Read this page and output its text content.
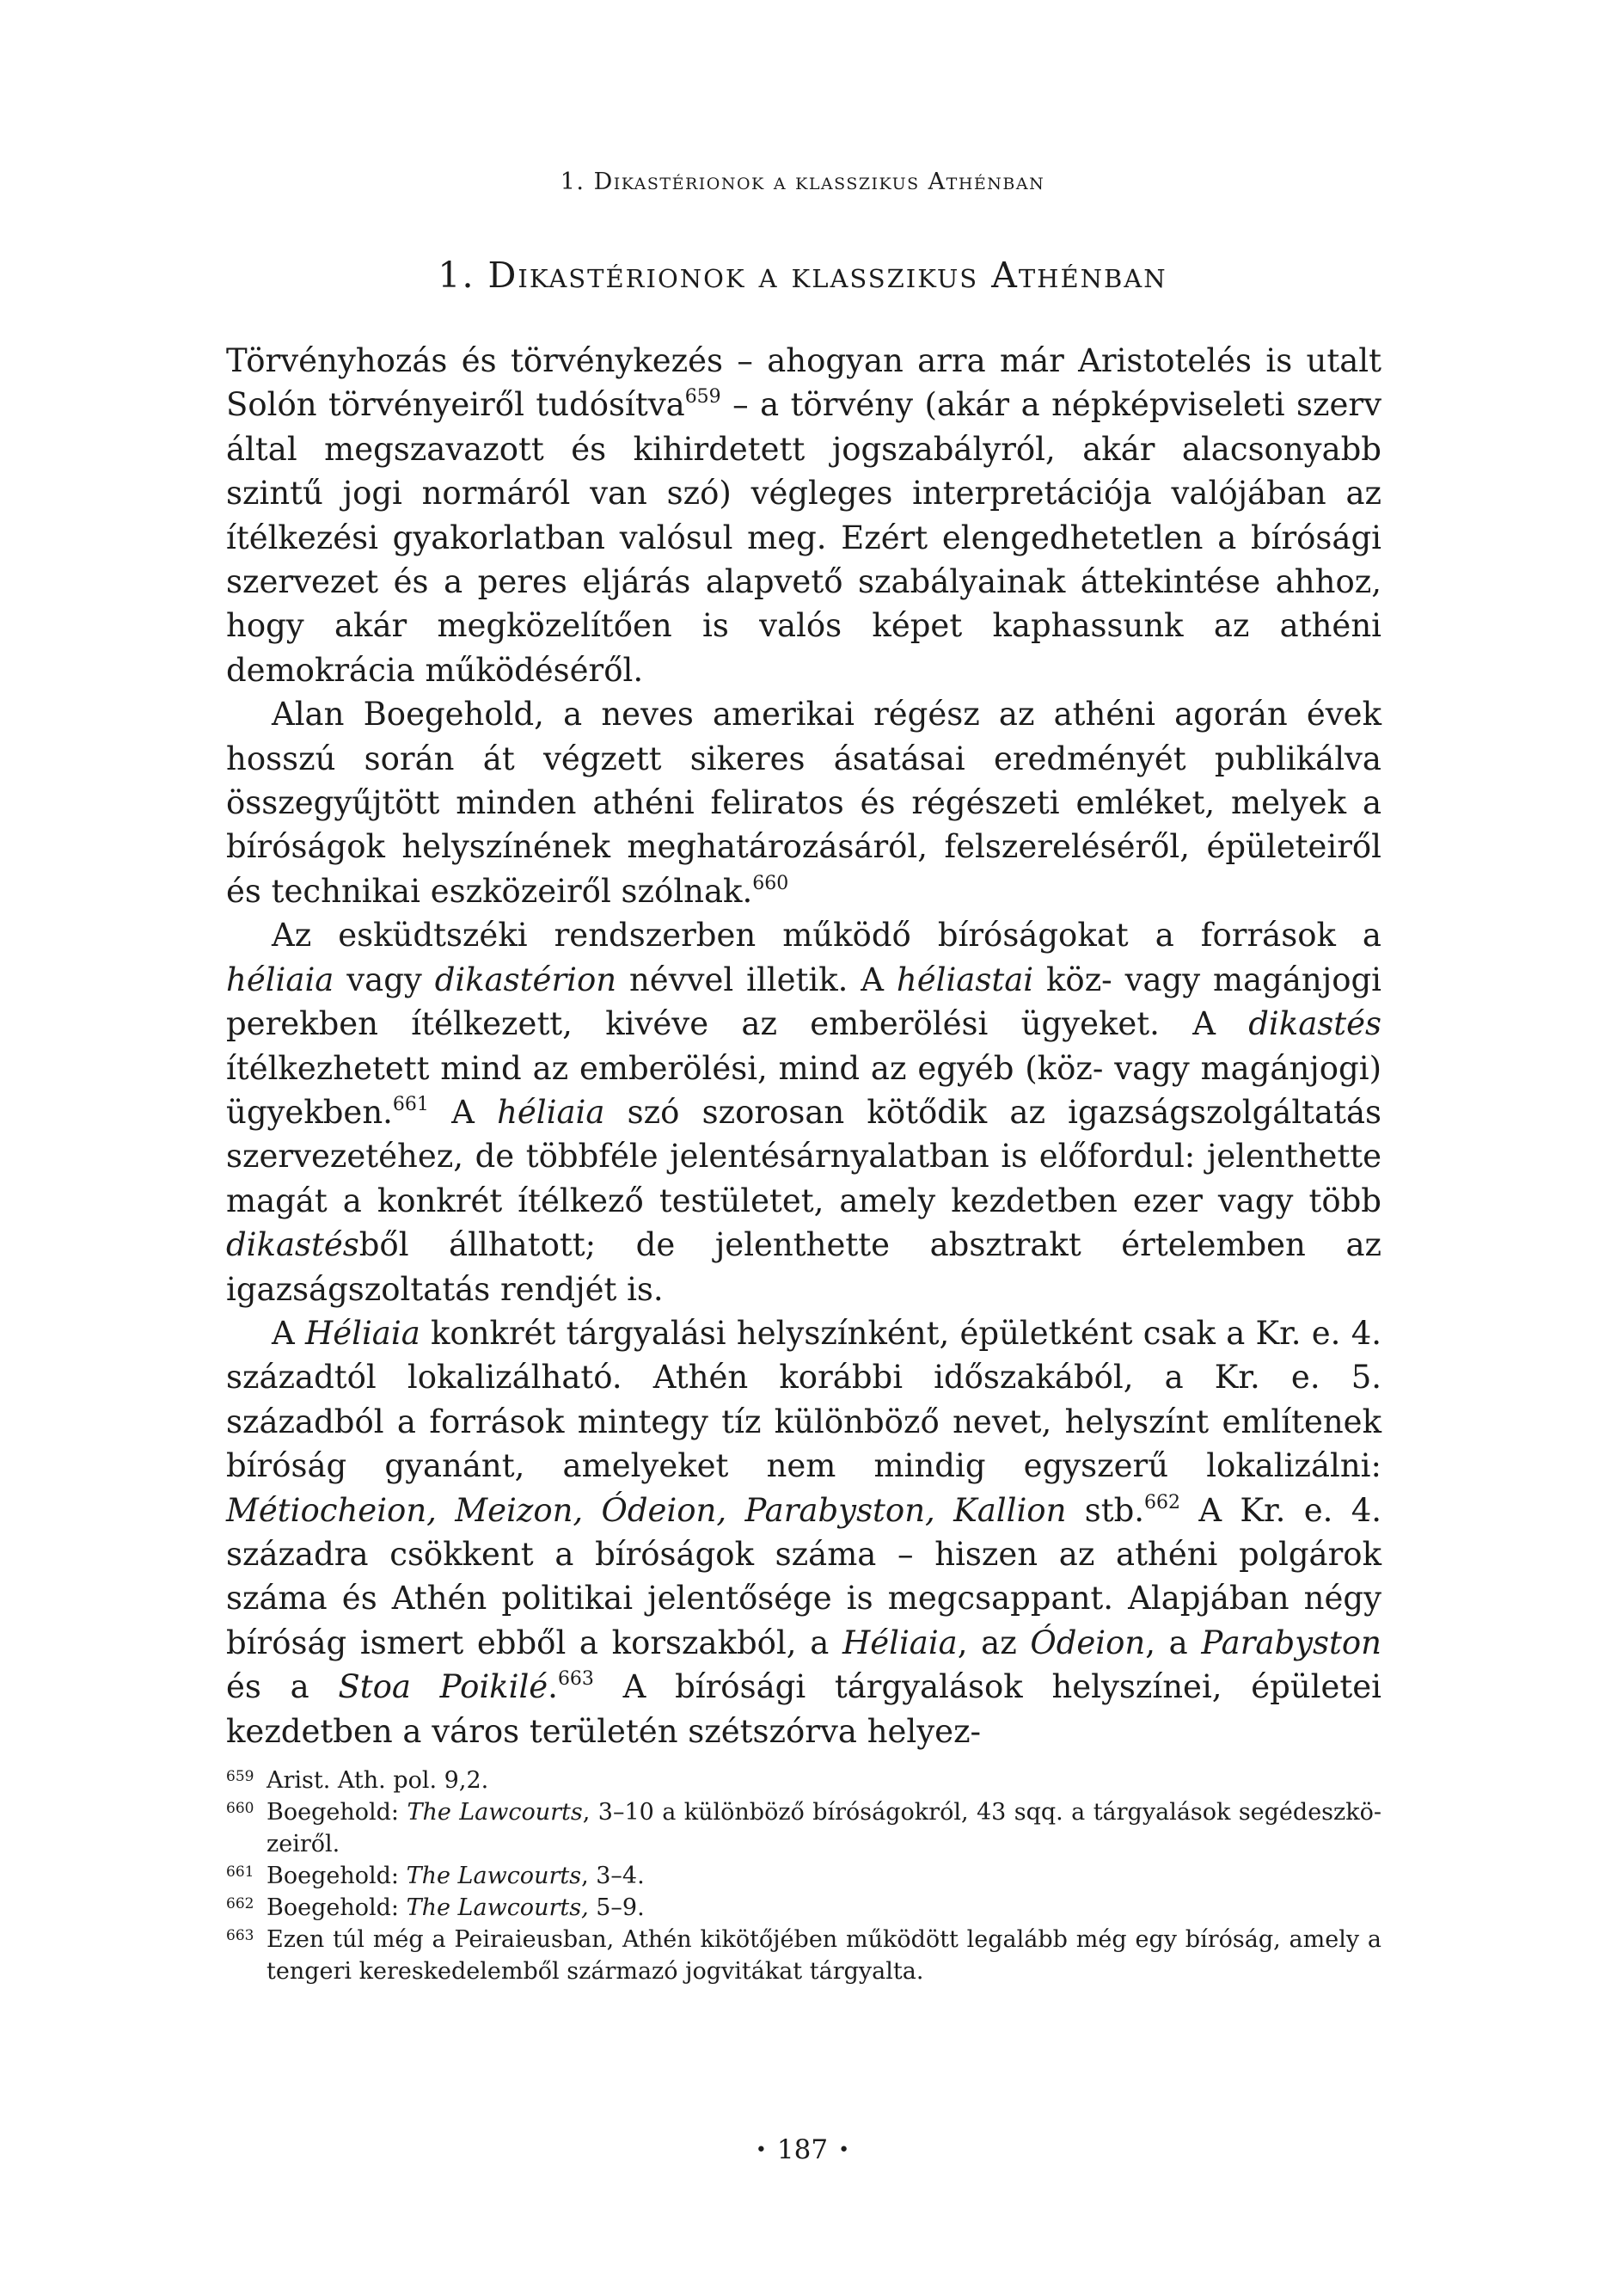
1. Dikastérionok a klasszikus Athénban
1. Dikastérionok a klasszikus Athénban

Törvényhozás és törvénykezés – ahogyan arra már Aristotelés is utalt Solón törvényeiről tudósítva$^{659}$ – a törvény (akár a népképviseleti szerv által megszavazott és kihirdetett jogszabályról, akár alacsonyabb szintű jogi normáról van szó) végleges interpretációja valójában az ítélkezési gyakorlatban valósul meg. Ezért elengedhetetlen a bírósági szervezet és a peres eljárás alapvető szabályainak áttekintése ahhoz, hogy akár megközelítően is valós képet kaphassunk az athéni demokrácia működéséről.

Alan Boegehold, a neves amerikai régész az athéni agorán évek hosszú során át végzett sikeres ásatásai eredményét publikálva összegyűjtött minden athéni feliratos és régészeti emléket, melyek a bíróságok helyszínének meghatározásáról, felszereléséről, épületeiről és technikai eszközeiről szólnak.$^{660}$

Az esküdtszéki rendszerben működő bíróságokat a források a héliaia vagy dikastérion névvel illetik. A héliastai köz- vagy magánjogi perekben ítélkezett, kivéve az emberölési ügyeket. A dikastés ítélkezhetett mind az emberölési, mind az egyéb (köz- vagy magánjogi) ügyekben.$^{661}$ A héliaia szó szorosan kötődik az igazságszolgáltatás szervezetéhez, de többféle jelentésárnyalatban is előfordul: jelenthette magát a konkrét ítélkező testületet, amely kezdetben ezer vagy több dikastésből állhatott; de jelenthette absztrakt értelemben az igazságszoltatás rendjét is.

A Héliaia konkrét tárgyalási helyszínként, épületként csak a Kr. e. 4. századtól lokalizálható. Athén korábbi időszakából, a Kr. e. 5. századból a források mintegy tíz különböző nevet, helyszínt említenek bíróság gyanánt, amelyeket nem mindig egyszerű lokalizálni: Métiocheion, Meizon, Ódeion, Parabyston, Kallion stb.$^{662}$ A Kr. e. 4. századra csökkent a bíróságok száma – hiszen az athéni polgárok száma és Athén politikai jelentősége is megcsappant. Alapjában négy bíróság ismert ebből a korszakból, a Héliaia, az Ódeion, a Parabyston és a Stoa Poikilé.$^{663}$ A bírósági tárgyalások helyszínei, épületei kezdetben a város területén szétszórva helyez-

659 Arist. Ath. pol. 9,2.
660 Boegehold: The Lawcourts, 3–10 a különböző bíróságokról, 43 sqq. a tárgyalások segédeszközeiről.
661 Boegehold: The Lawcourts, 3–4.
662 Boegehold: The Lawcourts, 5–9.
663 Ezen túl még a Peiraieusban, Athén kikötőjében működött legalább még egy bíróság, amely a tengeri kereskedelemből származó jogvitákat tárgyalta.
• 187 •
